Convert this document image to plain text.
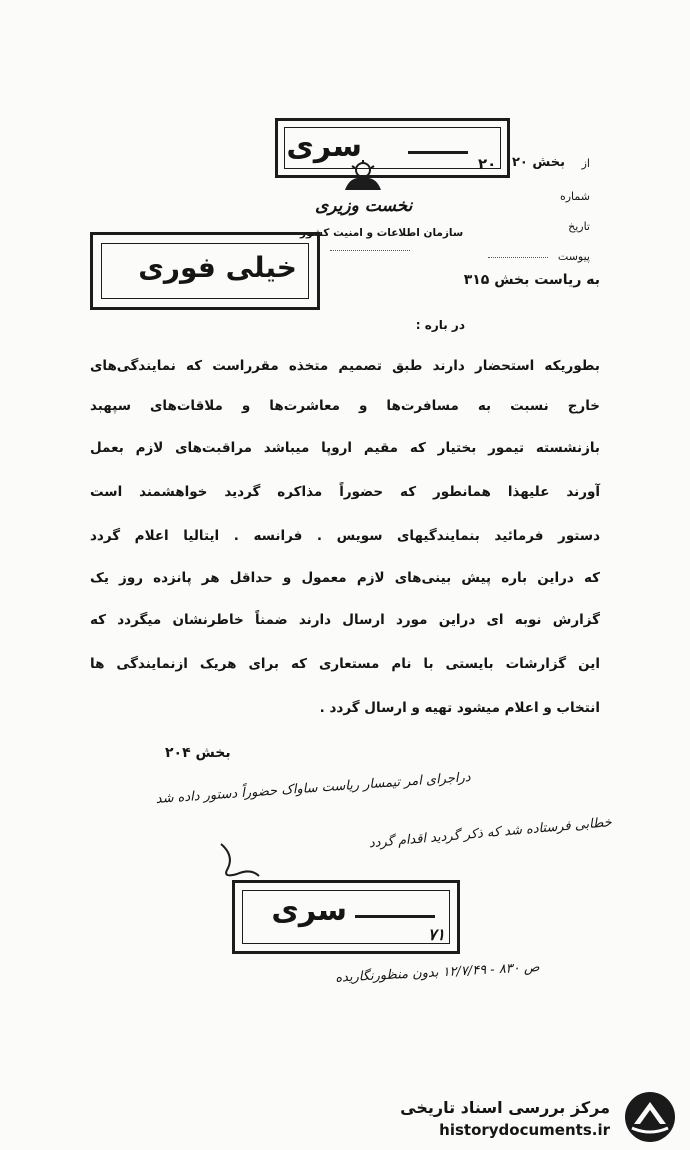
سری	۲۰ بخش ۲۰
نخست وزیری
سازمان اطلاعات و امنیت کشور
از
شماره
تاریخ
پیوست
خیلی فوری	به ریاست بخش ۳۱۵
در باره :
بطوریکه استحضار دارند طبق تصمیم متخذه مقرراست که نمایندگی‌های
خارج نسبت به مسافرت‌ها و معاشرت‌ها و ملاقات‌های سپهبد
بازنشسته تیمور بختیار که مقیم اروپا میباشد مراقبت‌های لازم بعمل
آورند علیهذا همانطور که حضوراً مذاکره گردید خواهشمند است
دستور فرمائید بنمایندگیهای سویس . فرانسه . ایتالیا اعلام گردد
که دراین باره پیش بینی‌های لازم معمول و حداقل هر پانزده روز یک
گزارش نوبه ای دراین مورد ارسال دارند ضمناً خاطرنشان میگردد که
این گزارشات بایستی با نام مستعاری که برای هریک ازنمایندگی ها
انتخاب و اعلام میشود تهیه و ارسال گردد .
بخش ۲۰۴
دراجرای امر تیمسار ریاست ساواک حضوراً دستور داده شد
خطابی فرستاده شد که ذکر گردید اقدام گردد
سری
۷۱
ص ۸۳۰ - ۱۲/۷/۴۹ بدون منظورنگاریده
مرکز بررسی اسناد تاریخی
historydocuments.ir
